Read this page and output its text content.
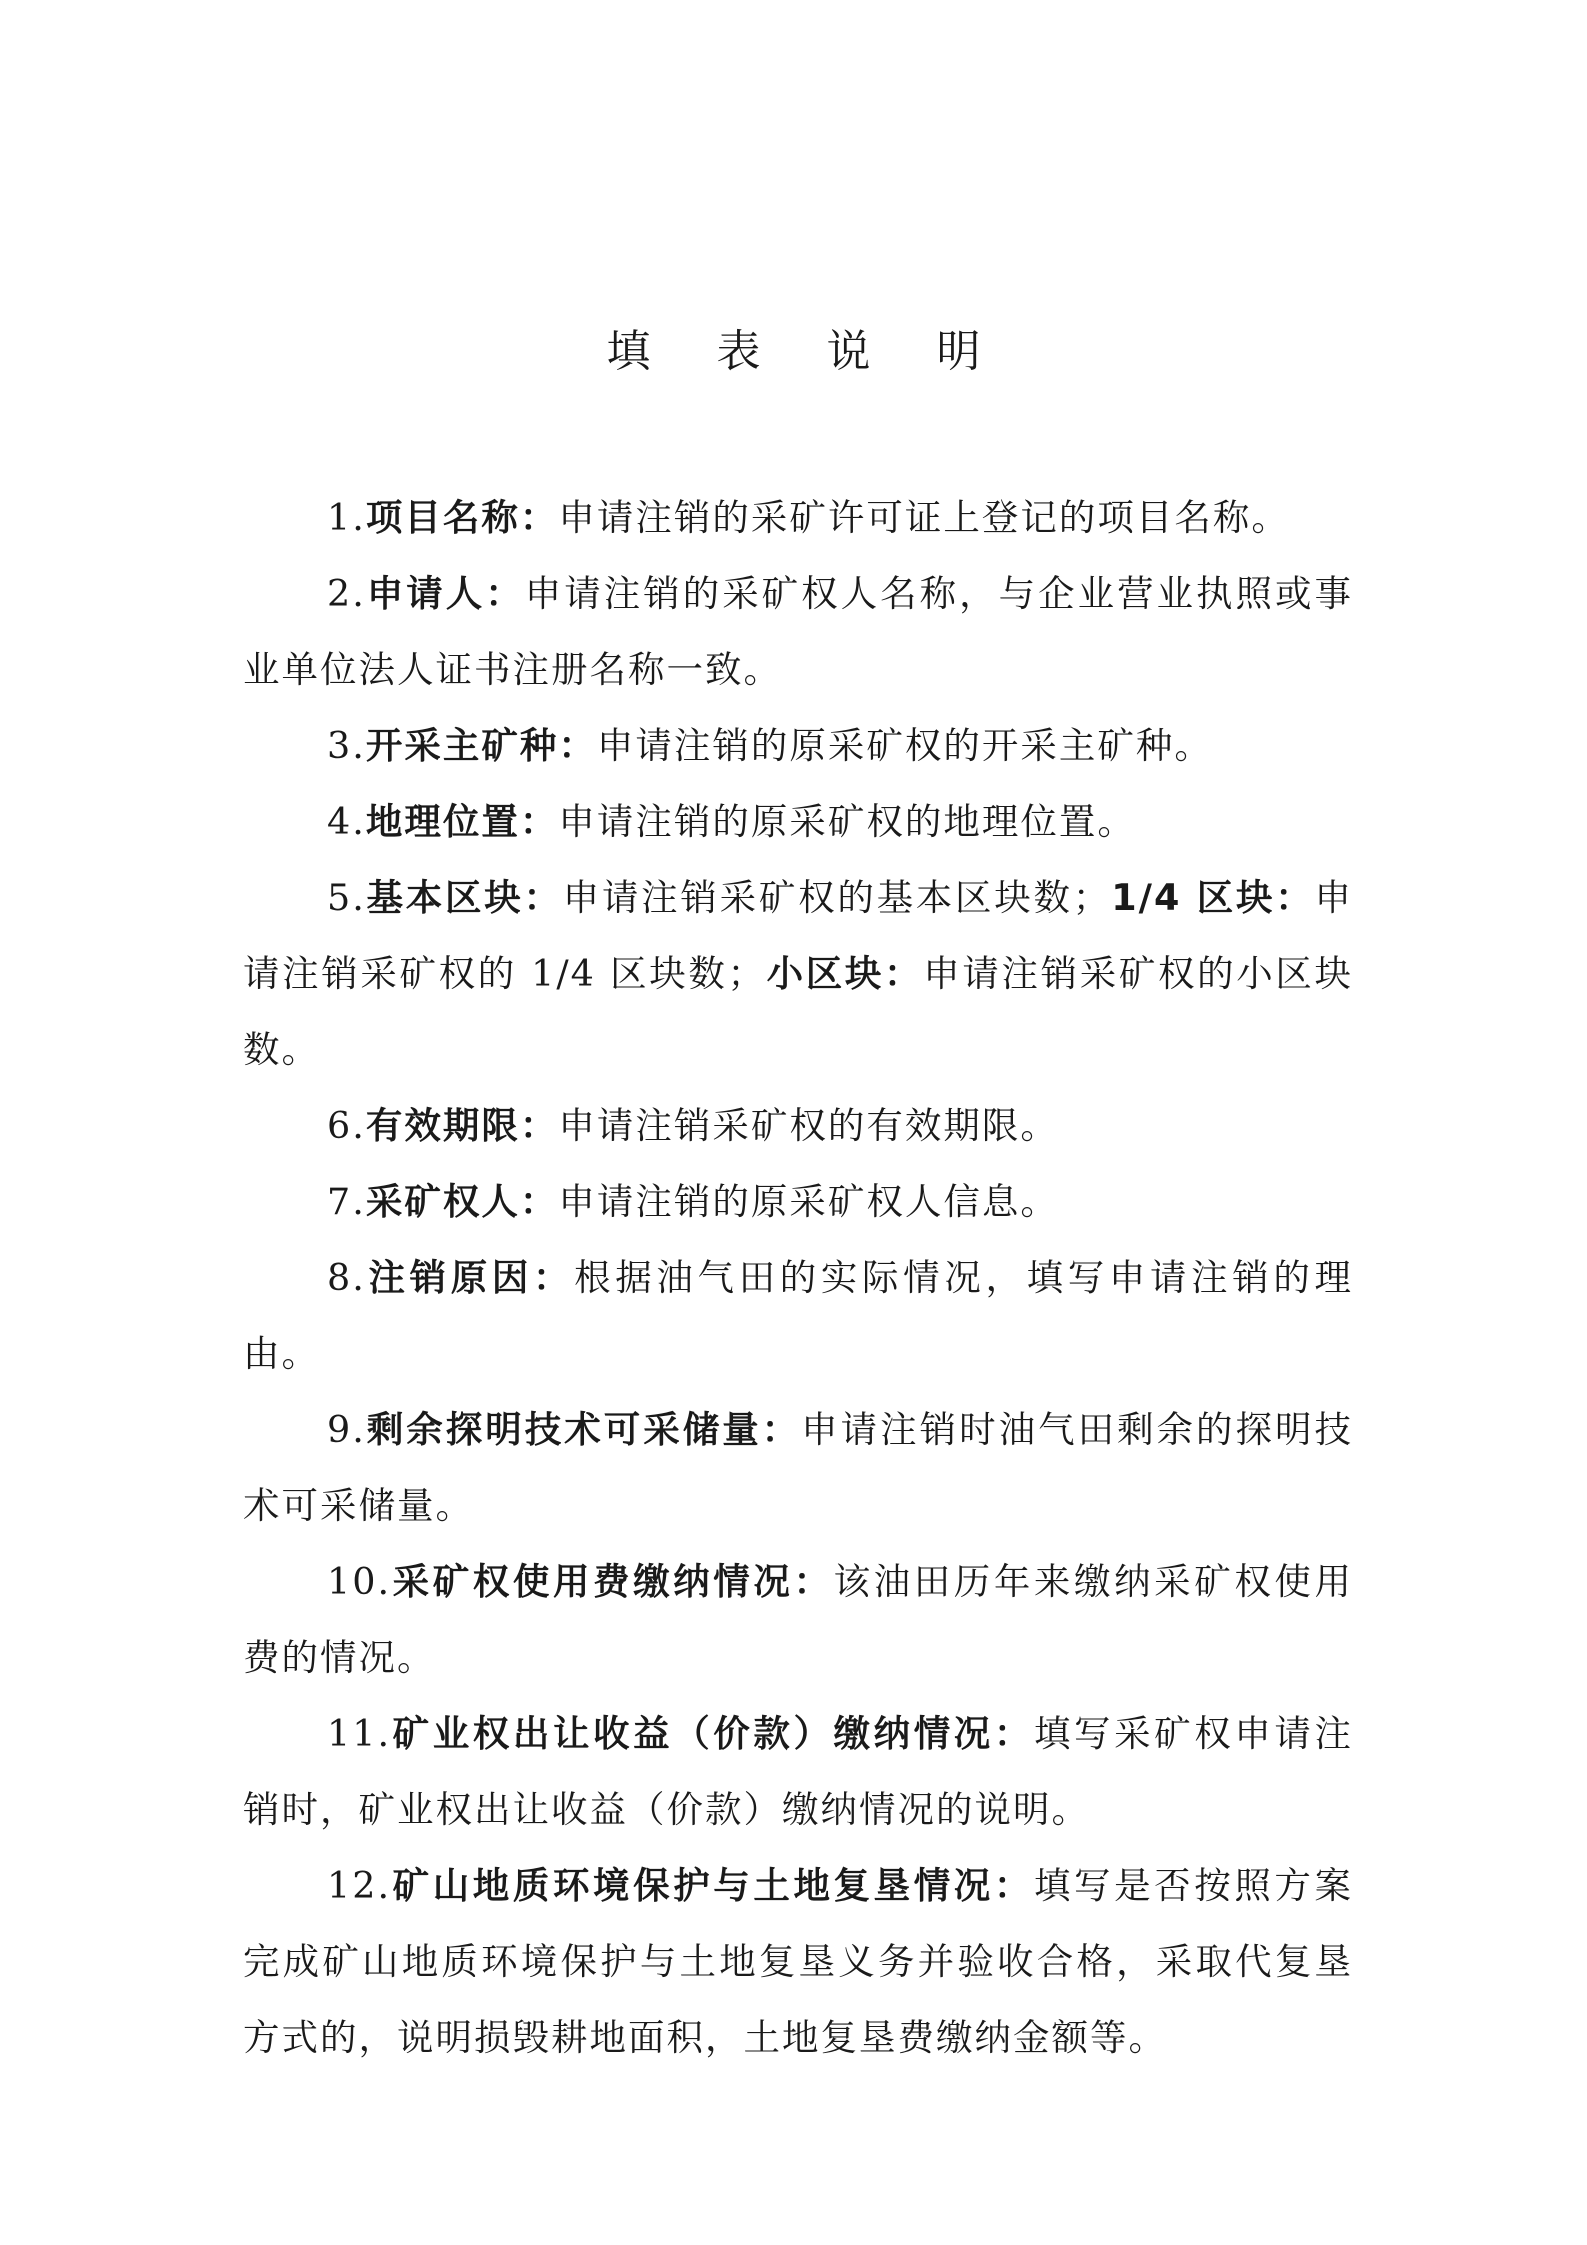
填 表 说 明

1.项目名称：申请注销的采矿许可证上登记的项目名称。

2.申请人：申请注销的采矿权人名称，与企业营业执照或事业单位法人证书注册名称一致。

3.开采主矿种：申请注销的原采矿权的开采主矿种。

4.地理位置：申请注销的原采矿权的地理位置。

5.基本区块：申请注销采矿权的基本区块数；1/4 区块：申请注销采矿权的 1/4 区块数；小区块：申请注销采矿权的小区块数。

6.有效期限：申请注销采矿权的有效期限。

7.采矿权人：申请注销的原采矿权人信息。

8.注销原因：根据油气田的实际情况，填写申请注销的理由。

9.剩余探明技术可采储量：申请注销时油气田剩余的探明技术可采储量。

10.采矿权使用费缴纳情况：该油田历年来缴纳采矿权使用费的情况。

11.矿业权出让收益（价款）缴纳情况：填写采矿权申请注销时，矿业权出让收益（价款）缴纳情况的说明。

12.矿山地质环境保护与土地复垦情况：填写是否按照方案完成矿山地质环境保护与土地复垦义务并验收合格，采取代复垦方式的，说明损毁耕地面积，土地复垦费缴纳金额等。
